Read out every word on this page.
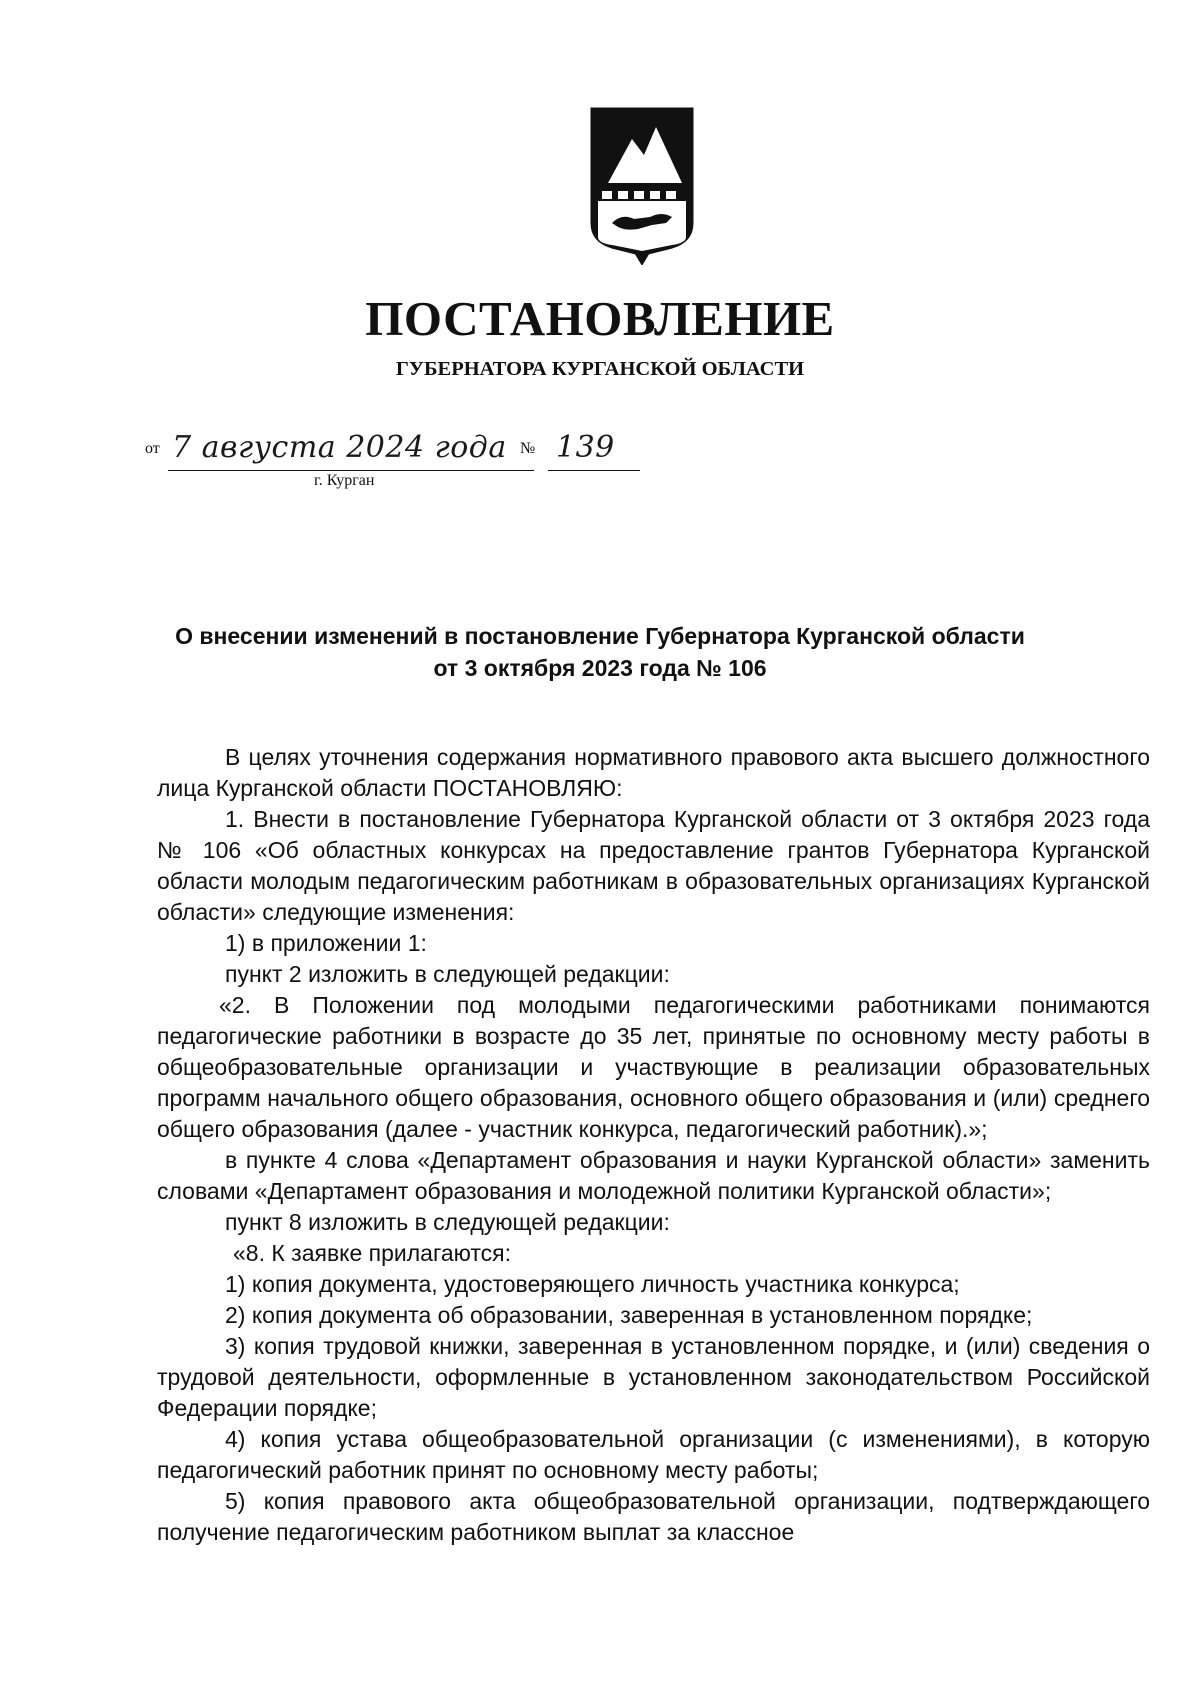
ПОСТАНОВЛЕНИЕ
ГУБЕРНАТОРА КУРГАНСКОЙ ОБЛАСТИ
от 7 августа 2024 года № 139
г. Курган
О внесении изменений в постановление Губернатора Курганской области
от 3 октября 2023 года № 106

В целях уточнения содержания нормативного правового акта высшего должностного лица Курганской области ПОСТАНОВЛЯЮ:

1. Внести в постановление Губернатора Курганской области от 3 октября 2023 года № 106 «Об областных конкурсах на предоставление грантов Губернатора Курганской области молодым педагогическим работникам в образовательных организациях Курганской области» следующие изменения:

1) в приложении 1:

пункт 2 изложить в следующей редакции:

«2. В Положении под молодыми педагогическими работниками понимаются педагогические работники в возрасте до 35 лет, принятые по основному месту работы в общеобразовательные организации и участвующие в реализации образовательных программ начального общего образования, основного общего образования и (или) среднего общего образования (далее - участник конкурса, педагогический работник).»;

в пункте 4 слова «Департамент образования и науки Курганской области» заменить словами «Департамент образования и молодежной политики Курганской области»;

пункт 8 изложить в следующей редакции:

«8. К заявке прилагаются:

1) копия документа, удостоверяющего личность участника конкурса;

2) копия документа об образовании, заверенная в установленном порядке;

3) копия трудовой книжки, заверенная в установленном порядке, и (или) сведения о трудовой деятельности, оформленные в установленном законодательством Российской Федерации порядке;

4) копия устава общеобразовательной организации (с изменениями), в которую педагогический работник принят по основному месту работы;

5) копия правового акта общеобразовательной организации, подтверждающего получение педагогическим работником выплат за классное
